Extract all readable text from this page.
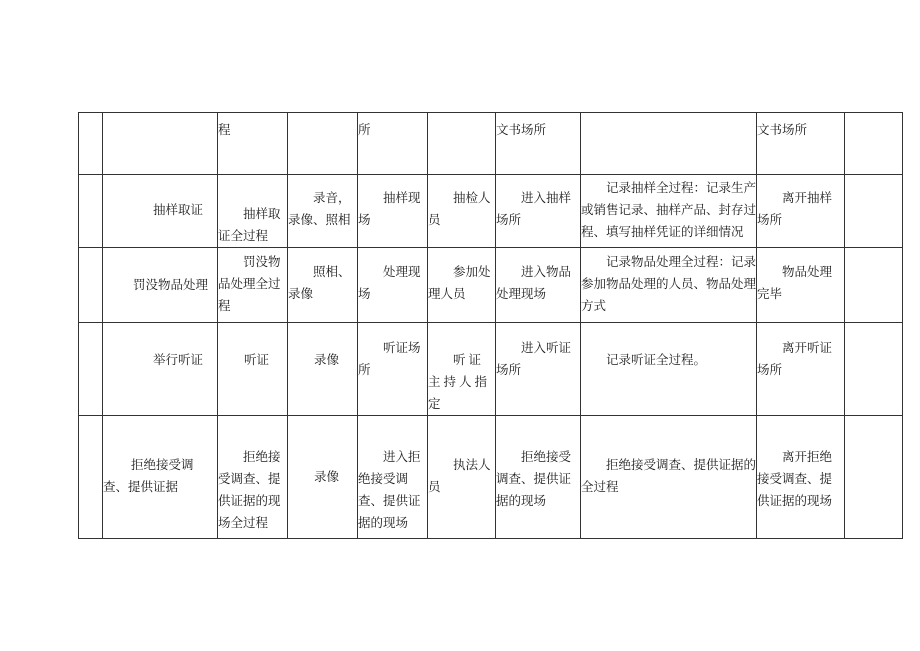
		程		所		文书场所		文书场所	

	抽样取证	抽样取证全过程	录音，录像、照相	抽样现场	抽检人员	进入抽样场所	记录抽样全过程：记录生产或销售记录、抽样产品、封存过程、填写抽样凭证的详细情况	离开抽样场所	

	罚没物品处理	罚没物品处理全过程	照相、录像	处理现场	参加处理人员	进入物品处理现场	记录物品处理全过程：记录参加物品处理的人员、物品处理方式	物品处理完毕	

	举行听证	听证	录像	听证场所	听证主持人指定	进入听证场所	记录听证全过程。	离开听证场所	

	拒绝接受调查、提供证据	拒绝接受调查、提供证据的现场全过程	录像	进入拒绝接受调查、提供证据的现场	执法人员	拒绝接受调查、提供证据的现场	拒绝接受调查、提供证据的全过程	离开拒绝接受调查、提供证据的现场	
